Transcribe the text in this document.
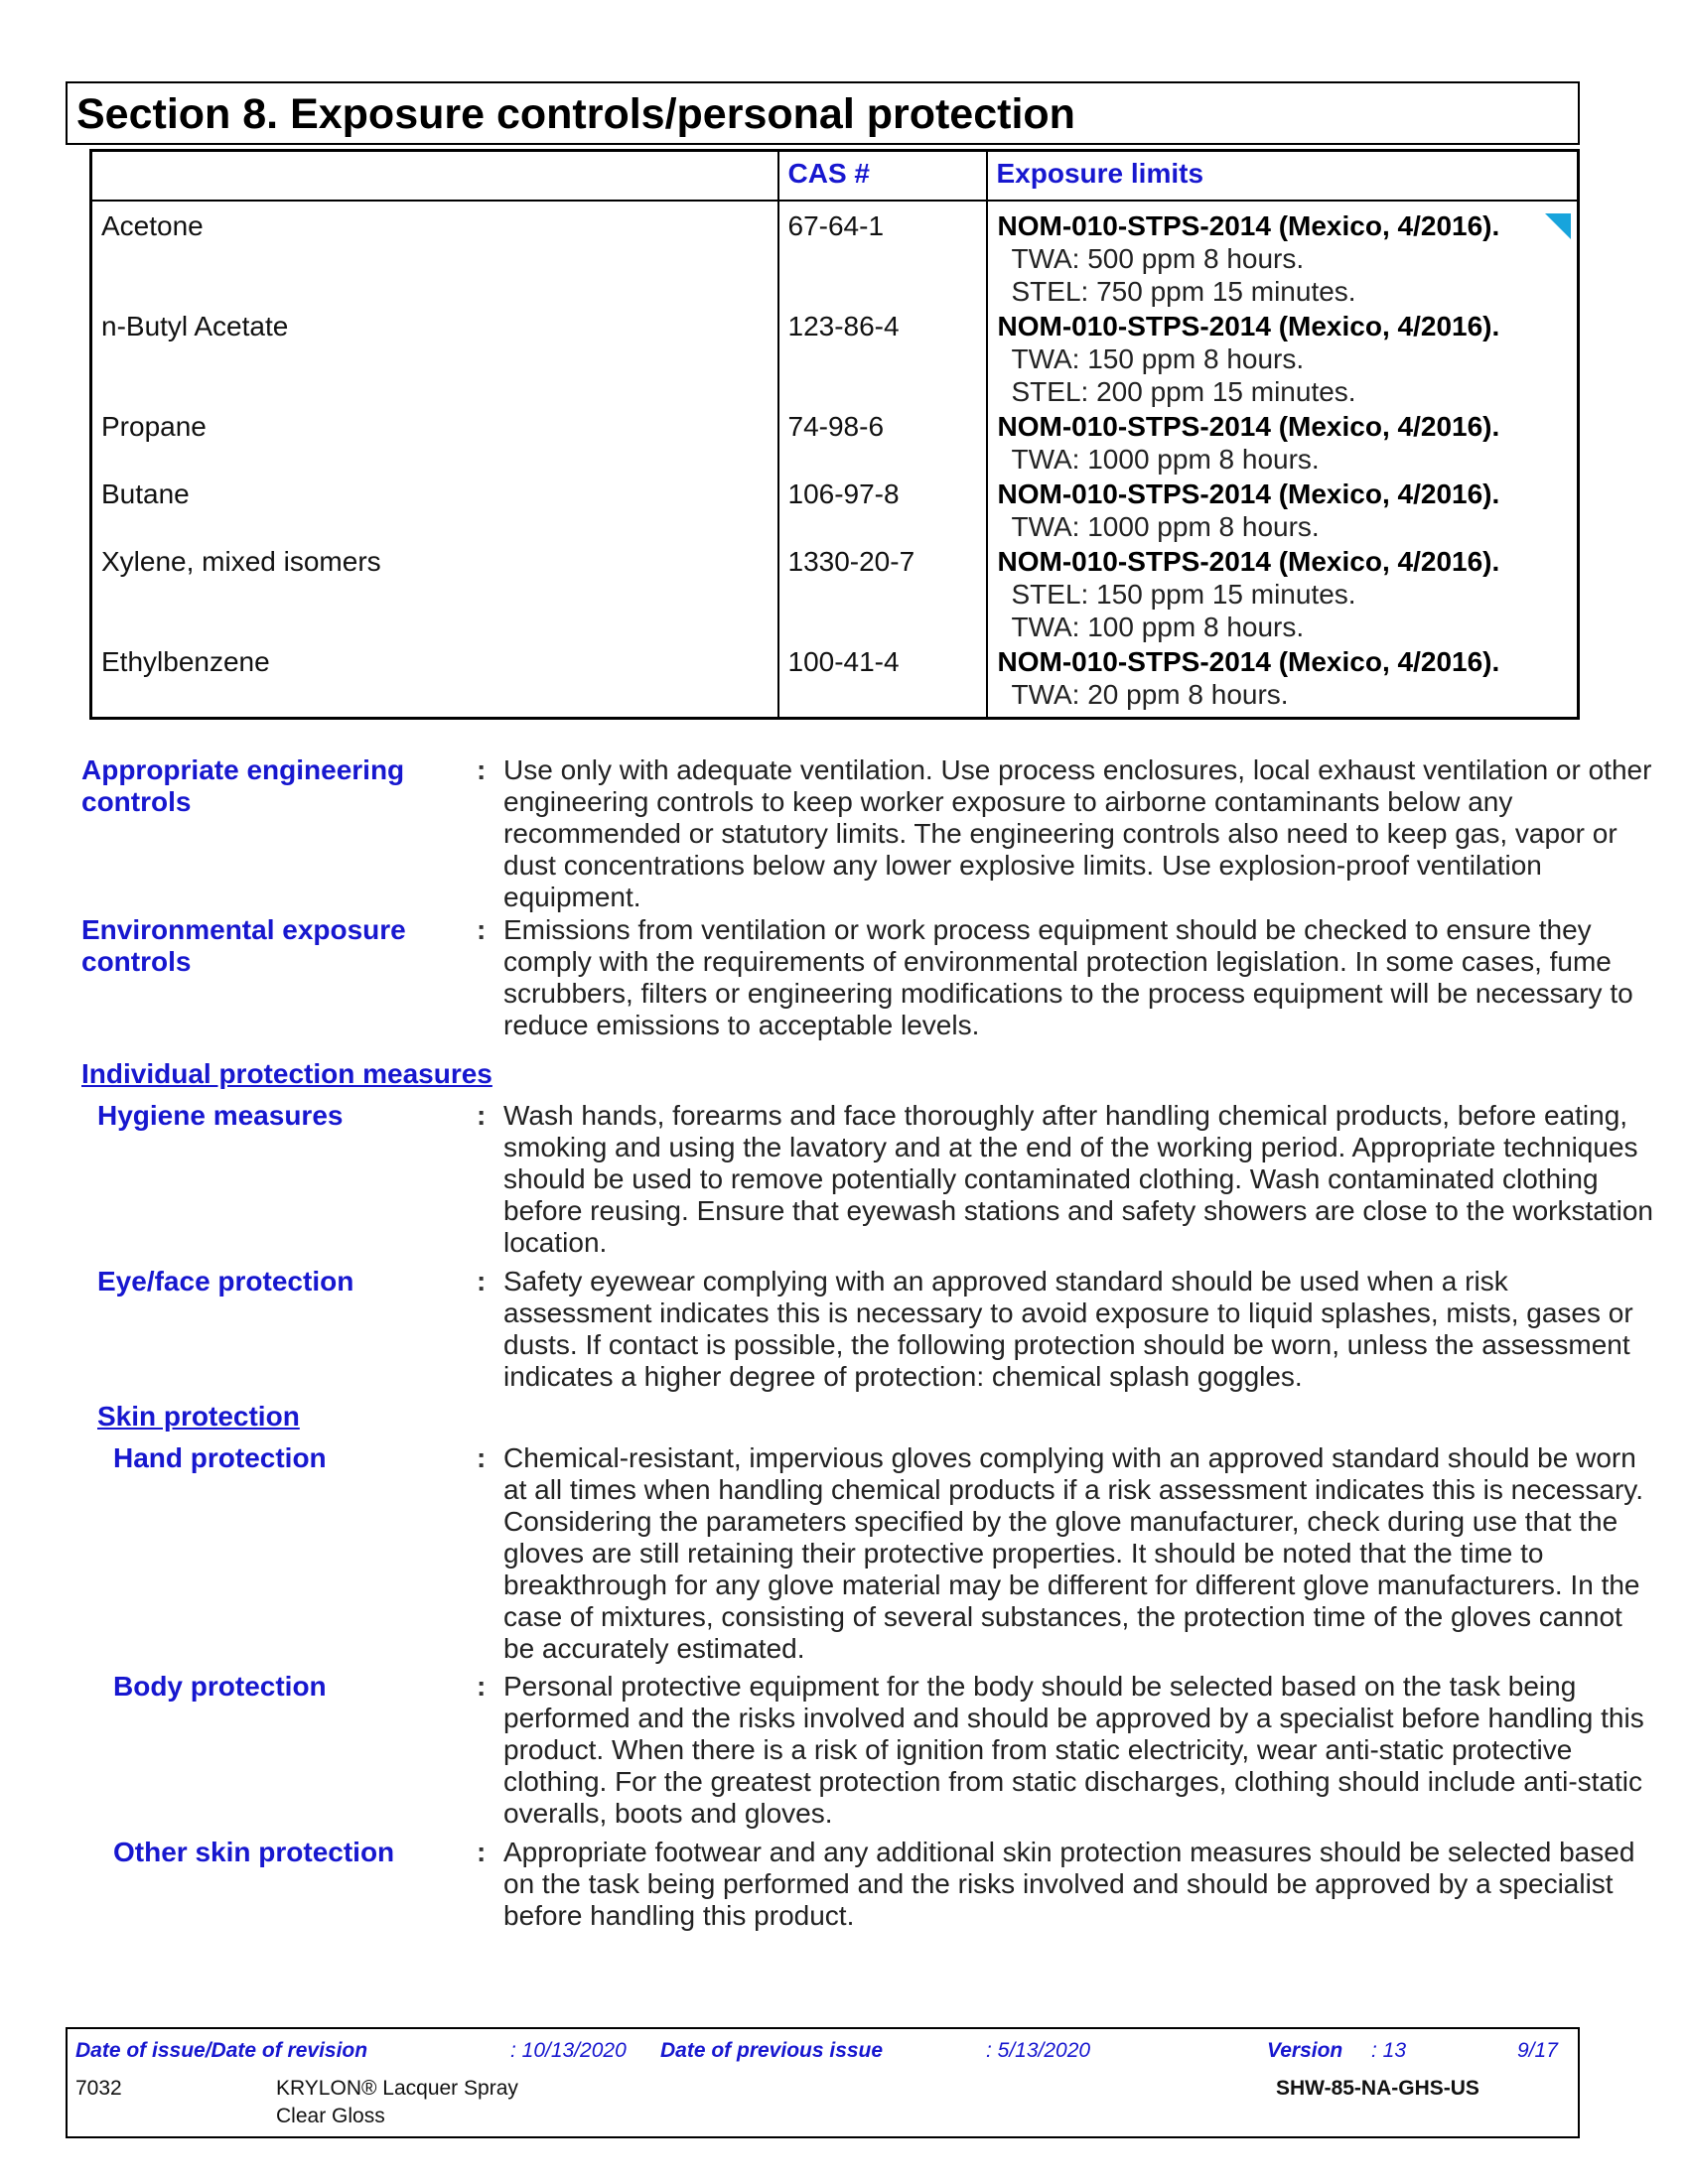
Section 8. Exposure controls/personal protection
	CAS #	Exposure limits
Acetone	67-64-1	NOM-010-STPS-2014 (Mexico, 4/2016).
TWA: 500 ppm 8 hours.
STEL: 750 ppm 15 minutes.

n-Butyl Acetate	123-86-4	NOM-010-STPS-2014 (Mexico, 4/2016).
TWA: 150 ppm 8 hours.
STEL: 200 ppm 15 minutes.

Propane	74-98-6	NOM-010-STPS-2014 (Mexico, 4/2016).
TWA: 1000 ppm 8 hours.

Butane	106-97-8	NOM-010-STPS-2014 (Mexico, 4/2016).
TWA: 1000 ppm 8 hours.

Xylene, mixed isomers	1330-20-7	NOM-010-STPS-2014 (Mexico, 4/2016).
STEL: 150 ppm 15 minutes.
TWA: 100 ppm 8 hours.

Ethylbenzene	100-41-4	NOM-010-STPS-2014 (Mexico, 4/2016).
TWA: 20 ppm 8 hours.
Appropriate engineering controls
: Use only with adequate ventilation. Use process enclosures, local exhaust ventilation or other engineering controls to keep worker exposure to airborne contaminants below any recommended or statutory limits. The engineering controls also need to keep gas, vapor or dust concentrations below any lower explosive limits. Use explosion-proof ventilation equipment.
Environmental exposure controls
: Emissions from ventilation or work process equipment should be checked to ensure they comply with the requirements of environmental protection legislation. In some cases, fume scrubbers, filters or engineering modifications to the process equipment will be necessary to reduce emissions to acceptable levels.
Individual protection measures
Hygiene measures	: Wash hands, forearms and face thoroughly after handling chemical products, before eating, smoking and using the lavatory and at the end of the working period. Appropriate techniques should be used to remove potentially contaminated clothing. Wash contaminated clothing before reusing. Ensure that eyewash stations and safety showers are close to the workstation location.
Eye/face protection	: Safety eyewear complying with an approved standard should be used when a risk assessment indicates this is necessary to avoid exposure to liquid splashes, mists, gases or dusts. If contact is possible, the following protection should be worn, unless the assessment indicates a higher degree of protection: chemical splash goggles.
Skin protection
Hand protection	: Chemical-resistant, impervious gloves complying with an approved standard should be worn at all times when handling chemical products if a risk assessment indicates this is necessary. Considering the parameters specified by the glove manufacturer, check during use that the gloves are still retaining their protective properties. It should be noted that the time to breakthrough for any glove material may be different for different glove manufacturers. In the case of mixtures, consisting of several substances, the protection time of the gloves cannot be accurately estimated.
Body protection	: Personal protective equipment for the body should be selected based on the task being performed and the risks involved and should be approved by a specialist before handling this product. When there is a risk of ignition from static electricity, wear anti-static protective clothing. For the greatest protection from static discharges, clothing should include anti-static overalls, boots and gloves.
Other skin protection	: Appropriate footwear and any additional skin protection measures should be selected based on the task being performed and the risks involved and should be approved by a specialist before handling this product.
Date of issue/Date of revision	: 10/13/2020 Date of previous issue	: 5/13/2020	Version : 13	9/17
7032	KRYLON® Lacquer Spray
Clear Gloss
SHW-85-NA-GHS-US
